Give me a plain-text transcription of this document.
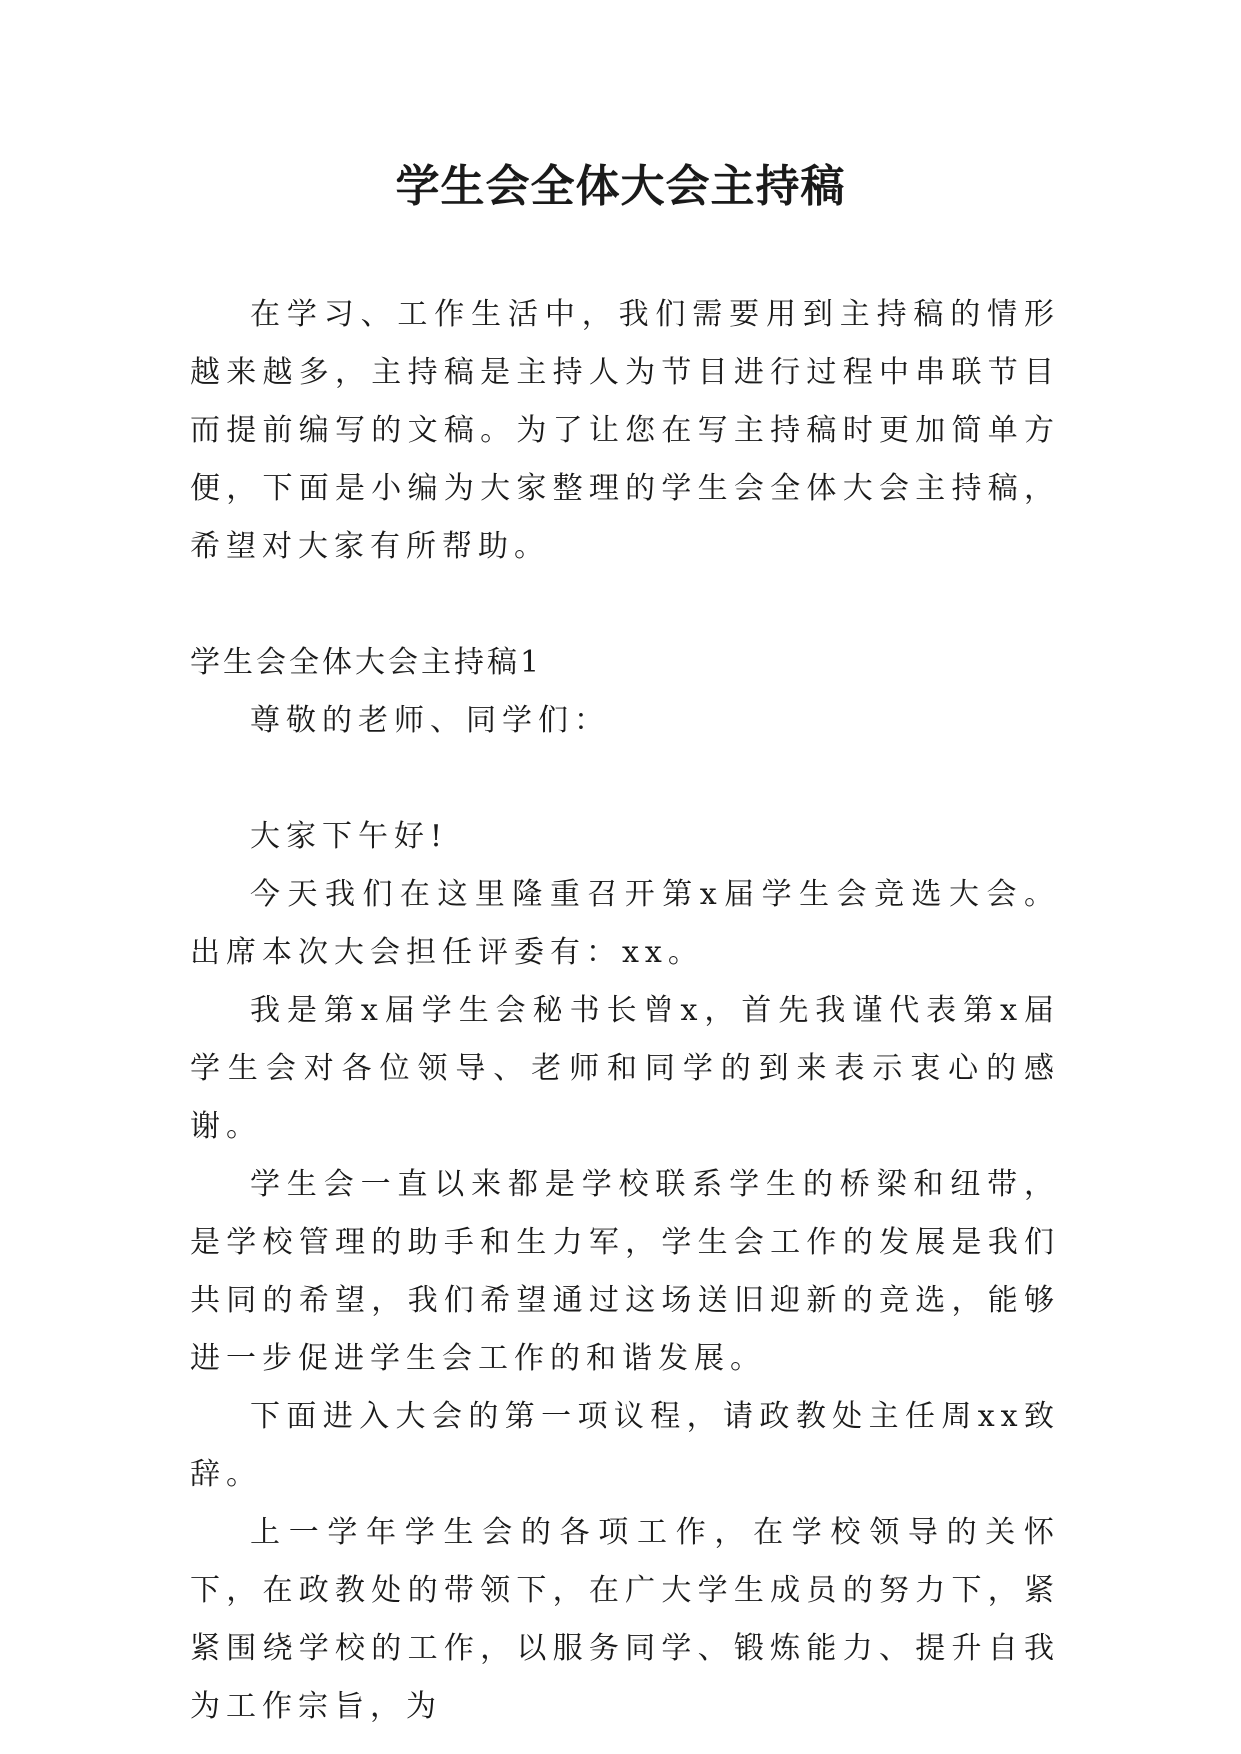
学生会全体大会主持稿

在学习、工作生活中，我们需要用到主持稿的情形越来越多，主持稿是主持人为节目进行过程中串联节目而提前编写的文稿。为了让您在写主持稿时更加简单方便，下面是小编为大家整理的学生会全体大会主持稿，希望对大家有所帮助。

学生会全体大会主持稿1

尊敬的老师、同学们：

大家下午好!

今天我们在这里隆重召开第x届学生会竞选大会。出席本次大会担任评委有：xx。

我是第x届学生会秘书长曾x，首先我谨代表第x届学生会对各位领导、老师和同学的到来表示衷心的感谢。

学生会一直以来都是学校联系学生的桥梁和纽带，是学校管理的助手和生力军，学生会工作的发展是我们共同的希望，我们希望通过这场送旧迎新的竞选，能够进一步促进学生会工作的和谐发展。

下面进入大会的第一项议程，请政教处主任周xx致辞。

上一学年学生会的各项工作，在学校领导的关怀下，在政教处的带领下，在广大学生成员的努力下，紧紧围绕学校的工作，以服务同学、锻炼能力、提升自我为工作宗旨，为
